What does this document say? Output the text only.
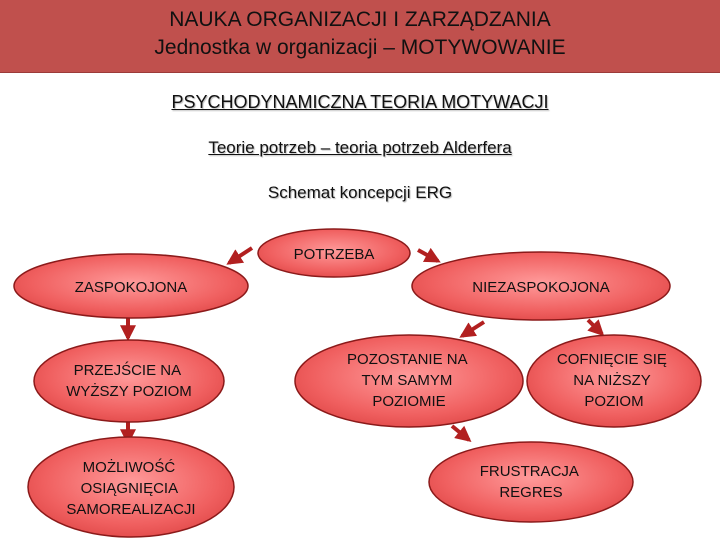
NAUKA ORGANIZACJI I ZARZĄDZANIA
Jednostka w organizacji – MOTYWOWANIE
PSYCHODYNAMICZNA TEORIA MOTYWACJI
Teorie potrzeb – teoria potrzeb Alderfera
Schemat koncepcji ERG
POTRZEBA
ZASPOKOJONA	NIEZASPOKOJONA
PRZEJŚCIE NA WYŻSZY POZIOM
MOŻLIWOŚĆ OSIĄGNIĘCIA SAMOREALIZACJI
POZOSTANIE NA TYM SAMYM POZIOMIE
COFNIĘCIE SIĘ NA NIŻSZY POZIOM
FRUSTRACJA REGRES
